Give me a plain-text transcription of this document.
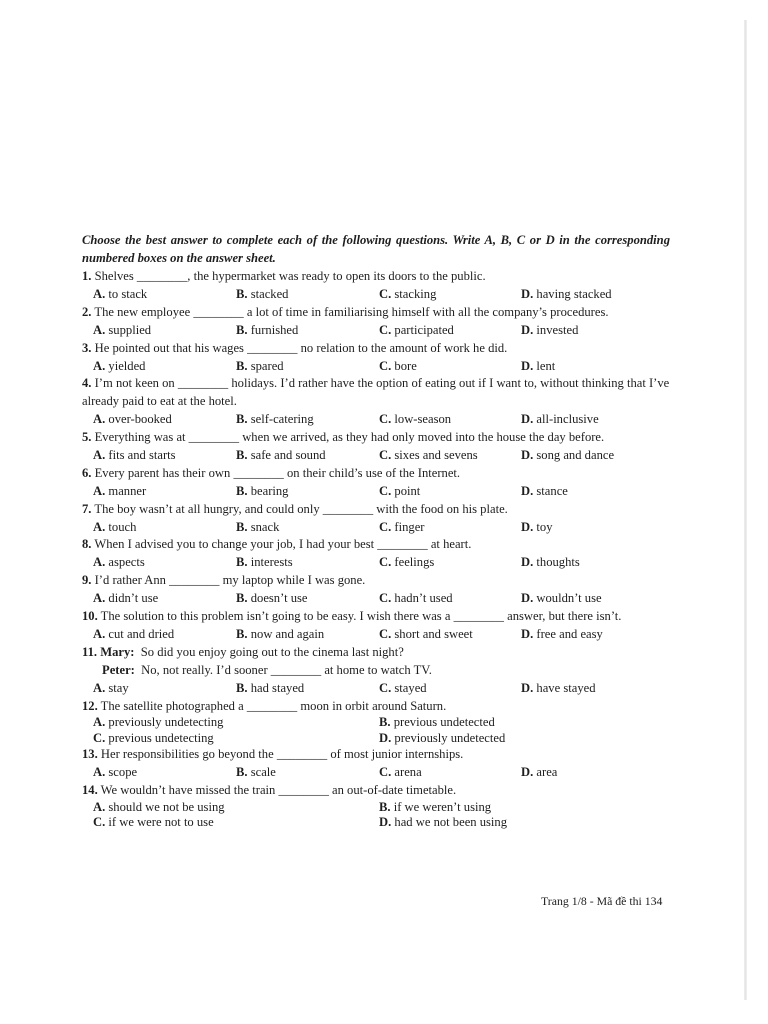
Choose the best answer to complete each of the following questions. Write A, B, C or D in the corresponding numbered boxes on the answer sheet.
1. Shelves ________, the hypermarket was ready to open its doors to the public.
A. to stack	B. stacked	C. stacking	D. having stacked
2. The new employee ________ a lot of time in familiarising himself with all the company’s procedures.
A. supplied	B. furnished	C. participated	D. invested
3. He pointed out that his wages ________ no relation to the amount of work he did.
A. yielded	B. spared	C. bore	D. lent
4. I’m not keen on ________ holidays. I’d rather have the option of eating out if I want to, without thinking that I’ve already paid to eat at the hotel.
A. over-booked	B. self-catering	C. low-season	D. all-inclusive
5. Everything was at ________ when we arrived, as they had only moved into the house the day before.
A. fits and starts	B. safe and sound	C. sixes and sevens	D. song and dance
6. Every parent has their own ________ on their child’s use of the Internet.
A. manner	B. bearing	C. point	D. stance
7. The boy wasn’t at all hungry, and could only ________ with the food on his plate.
A. touch	B. snack	C. finger	D. toy
8. When I advised you to change your job, I had your best ________ at heart.
A. aspects	B. interests	C. feelings	D. thoughts
9. I’d rather Ann ________ my laptop while I was gone.
A. didn’t use	B. doesn’t use	C. hadn’t used	D. wouldn’t use
10. The solution to this problem isn’t going to be easy. I wish there was a ________ answer, but there isn’t.
A. cut and dried	B. now and again	C. short and sweet	D. free and easy
11. Mary: So did you enjoy going out to the cinema last night?
Peter: No, not really. I’d sooner ________ at home to watch TV.
A. stay	B. had stayed	C. stayed	D. have stayed
12. The satellite photographed a ________ moon in orbit around Saturn.
A. previously undetecting	B. previous undetected
C. previous undetecting	D. previously undetected
13. Her responsibilities go beyond the ________ of most junior internships.
A. scope	B. scale	C. arena	D. area
14. We wouldn’t have missed the train ________ an out-of-date timetable.
A. should we not be using	B. if we weren’t using
C. if we were not to use	D. had we not been using
Trang 1/8 - Mã đề thi 134
